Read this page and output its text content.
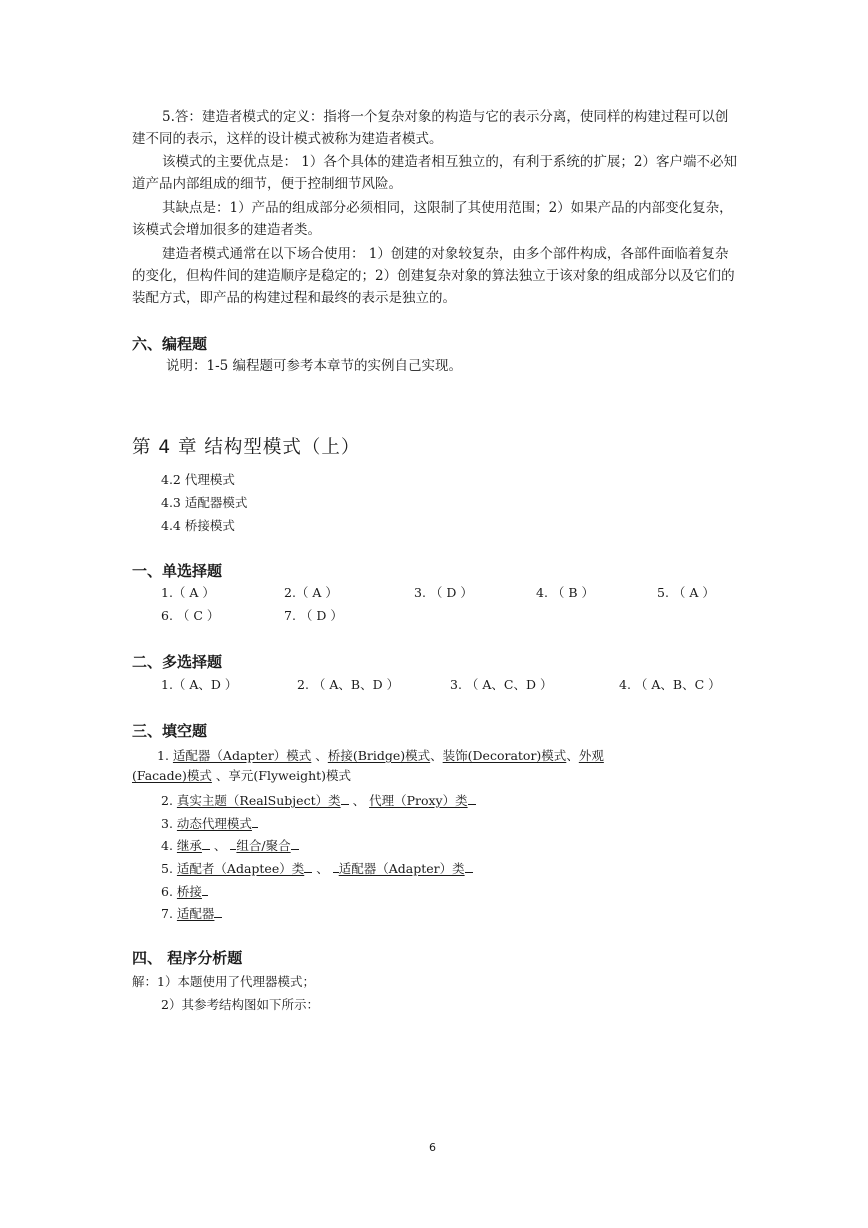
5.答：建造者模式的定义：指将一个复杂对象的构造与它的表示分离，使同样的构建过程可以创建不同的表示，这样的设计模式被称为建造者模式。
该模式的主要优点是： 1）各个具体的建造者相互独立的，有利于系统的扩展；2）客户端不必知道产品内部组成的细节，便于控制细节风险。
其缺点是：1）产品的组成部分必须相同，这限制了其使用范围；2）如果产品的内部变化复杂，该模式会增加很多的建造者类。
建造者模式通常在以下场合使用： 1）创建的对象较复杂，由多个部件构成，各部件面临着复杂的变化，但构件间的建造顺序是稳定的；2）创建复杂对象的算法独立于该对象的组成部分以及它们的装配方式，即产品的构建过程和最终的表示是独立的。
六、编程题
说明：1-5 编程题可参考本章节的实例自己实现。
第 4 章 结构型模式（上）
4.2 代理模式
4.3 适配器模式
4.4 桥接模式
一、单选择题
1.（ A ）	2.（ A ）	3. （ D ）	4. （ B ）	5. （ A ）
6. （ C ）	7. （ D ）
二、多选择题
1.（ A、D ）	2. （ A、B、D ）	3. （ A、C、D ）	4. （ A、B、C ）
三、填空题
1. 适配器（Adapter）模式 、桥接(Bridge)模式、装饰(Decorator)模式、外观
(Facade)模式 、享元(Flyweight)模式
2. 真实主题（RealSubject）类 、 代理（Proxy）类
3. 动态代理模式
4. 继承 、 组合/聚合
5. 适配者（Adaptee）类 、 适配器（Adapter）类
6. 桥接
7. 适配器
四、 程序分析题
解：1）本题使用了代理器模式；
2）其参考结构图如下所示：
6
